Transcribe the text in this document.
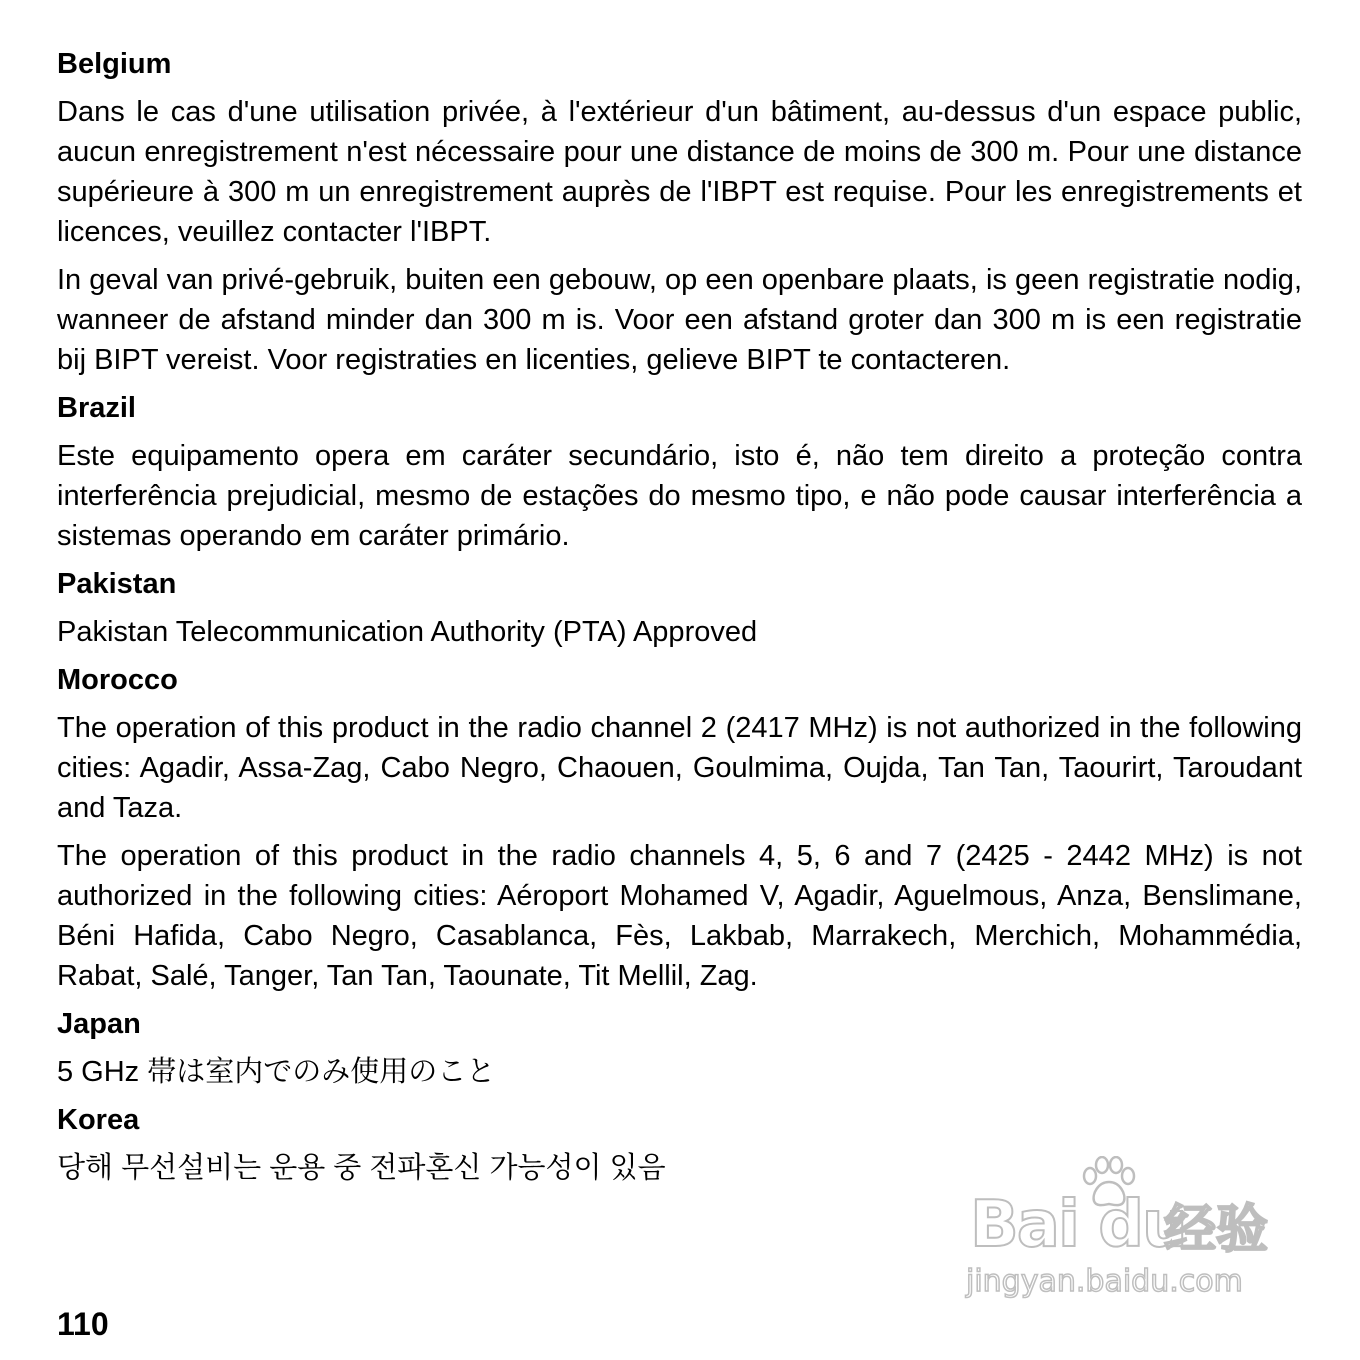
Belgium

Dans le cas d'une utilisation privée, à l'extérieur d'un bâtiment, au-dessus d'un espace public, aucun enregistrement n'est nécessaire pour une distance de moins de 300 m. Pour une distance supérieure à 300 m un enregistrement auprès de l'IBPT est requise. Pour les enregistrements et licences, veuillez contacter l'IBPT.

In geval van privé-gebruik, buiten een gebouw, op een openbare plaats, is geen registratie nodig, wanneer de afstand minder dan 300 m is. Voor een afstand groter dan 300 m is een registratie bij BIPT vereist. Voor registraties en licenties, gelieve BIPT te contacteren.

Brazil

Este equipamento opera em caráter secundário, isto é, não tem direito a proteção contra interferência prejudicial, mesmo de estações do mesmo tipo, e não pode causar interferência a sistemas operando em caráter primário.

Pakistan

Pakistan Telecommunication Authority (PTA) Approved

Morocco

The operation of this product in the radio channel 2 (2417 MHz) is not authorized in the following cities: Agadir, Assa-Zag, Cabo Negro, Chaouen, Goulmima, Oujda, Tan Tan, Taourirt, Taroudant and Taza.

The operation of this product in the radio channels 4, 5, 6 and 7 (2425 - 2442 MHz) is not authorized in the following cities: Aéroport Mohamed V, Agadir, Aguelmous, Anza, Benslimane, Béni Hafida, Cabo Negro, Casablanca, Fès, Lakbab, Marrakech, Merchich, Mohammédia, Rabat, Salé, Tanger, Tan Tan, Taounate, Tit Mellil, Zag.

Japan

5 GHz 帯は室内でのみ使用のこと

Korea

당해 무선설비는 운용 중 전파혼신 가능성이 있음

Bai du
经验
jingyan.baidu.com
110
